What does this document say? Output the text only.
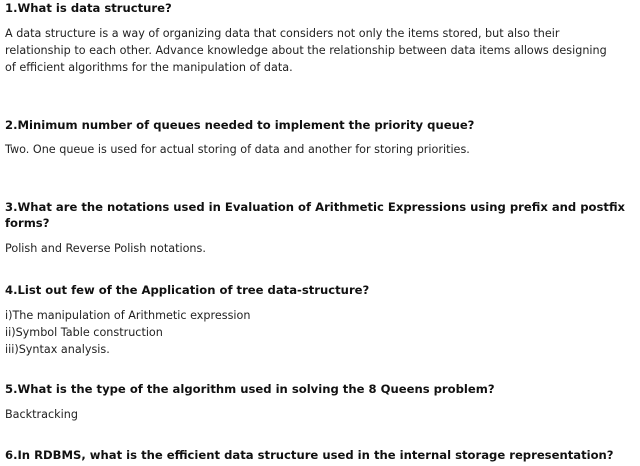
1.What is data structure?
A data structure is a way of organizing data that considers not only the items stored, but also their
relationship to each other. Advance knowledge about the relationship between data items allows designing
of efficient algorithms for the manipulation of data.
2.Minimum number of queues needed to implement the priority queue?
Two. One queue is used for actual storing of data and another for storing priorities.
3.What are the notations used in Evaluation of Arithmetic Expressions using prefix and postfix
forms?
Polish and Reverse Polish notations.
4.List out few of the Application of tree data-structure?
i)The manipulation of Arithmetic expression
ii)Symbol Table construction
iii)Syntax analysis.
5.What is the type of the algorithm used in solving the 8 Queens problem?
Backtracking
6.In RDBMS, what is the efficient data structure used in the internal storage representation?
